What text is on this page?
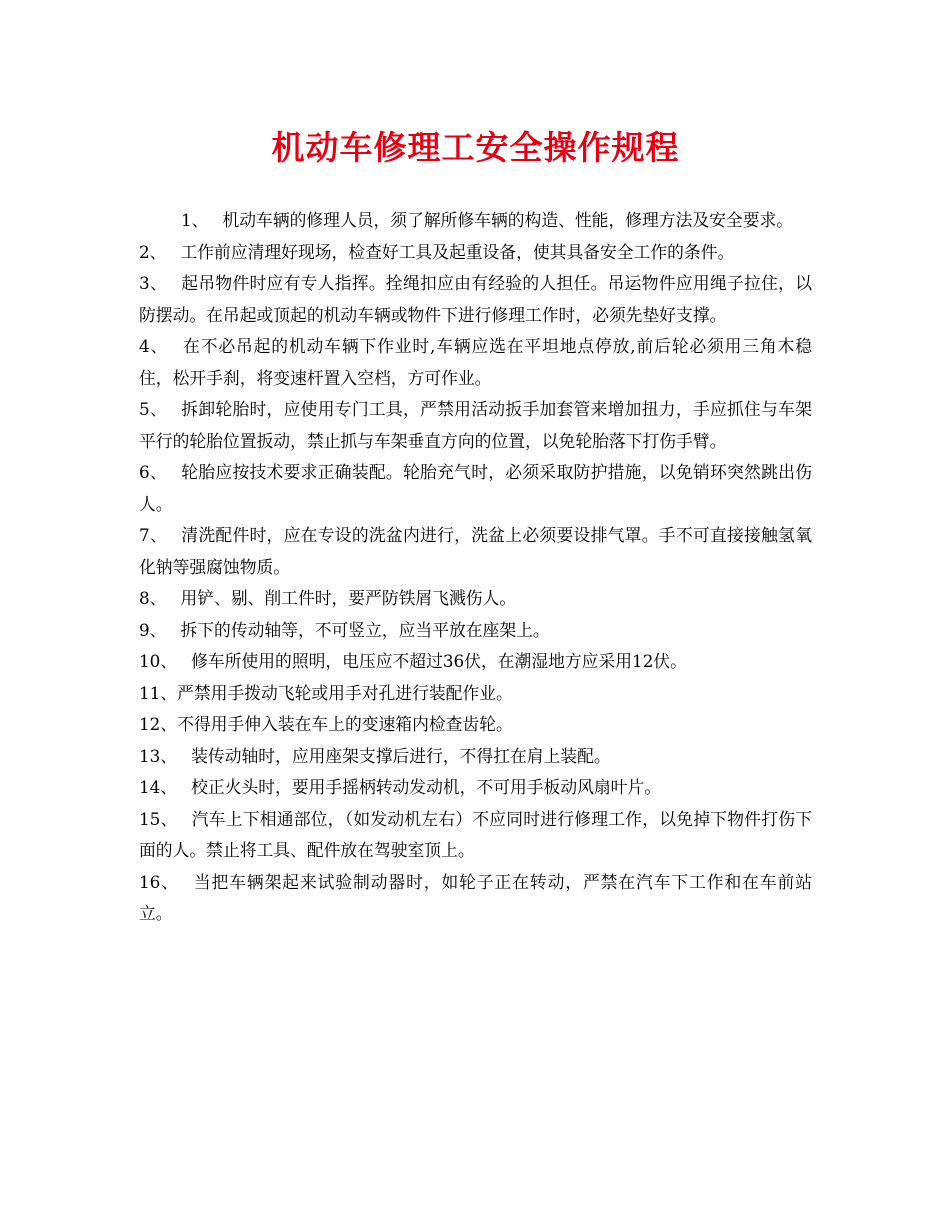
机动车修理工安全操作规程

1、 机动车辆的修理人员，须了解所修车辆的构造、性能，修理方法及安全要求。

2、 工作前应清理好现场，检查好工具及起重设备，使其具备安全工作的条件。

3、 起吊物件时应有专人指挥。拴绳扣应由有经验的人担任。吊运物件应用绳子拉住，以防摆动。在吊起或顶起的机动车辆或物件下进行修理工作时，必须先垫好支撑。

4、 在不必吊起的机动车辆下作业时,车辆应选在平坦地点停放,前后轮必须用三角木稳住，松开手刹，将变速杆置入空档，方可作业。

5、 拆卸轮胎时，应使用专门工具，严禁用活动扳手加套管来增加扭力，手应抓住与车架平行的轮胎位置扳动，禁止抓与车架垂直方向的位置，以免轮胎落下打伤手臂。

6、 轮胎应按技术要求正确装配。轮胎充气时，必须采取防护措施，以免销环突然跳出伤人。

7、 清洗配件时，应在专设的洗盆内进行，洗盆上必须要设排气罩。手不可直接接触氢氧化钠等强腐蚀物质。

8、 用铲、剔、削工件时，要严防铁屑飞溅伤人。

9、 拆下的传动轴等，不可竖立，应当平放在座架上。

10、 修车所使用的照明，电压应不超过36伏，在潮湿地方应采用12伏。

11、严禁用手拨动飞轮或用手对孔进行装配作业。

12、不得用手伸入装在车上的变速箱内检查齿轮。

13、 装传动轴时，应用座架支撑后进行，不得扛在肩上装配。

14、 校正火头时，要用手摇柄转动发动机，不可用手板动风扇叶片。

15、 汽车上下相通部位，（如发动机左右）不应同时进行修理工作，以免掉下物件打伤下面的人。禁止将工具、配件放在驾驶室顶上。

16、 当把车辆架起来试验制动器时，如轮子正在转动，严禁在汽车下工作和在车前站立。
